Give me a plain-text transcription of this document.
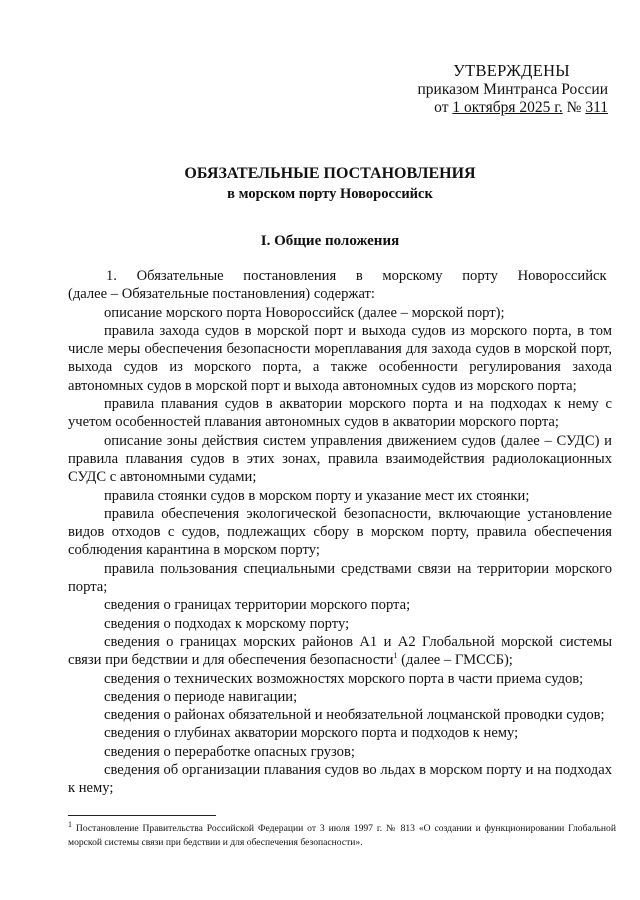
УТВЕРЖДЕНЫ
приказом Минтранса России
от 1 октября 2025 г. № 311
ОБЯЗАТЕЛЬНЫЕ ПОСТАНОВЛЕНИЯ
в морском порту Новороссийск
I. Общие положения

1. Обязательные постановления в морскому порту Новороссийск

(далее – Обязательные постановления) содержат:

описание морского порта Новороссийск (далее – морской порт);

правила захода судов в морской порт и выхода судов из морского порта, в том числе меры обеспечения безопасности мореплавания для захода судов в морской порт, выхода судов из морского порта, а также особенности регулирования захода автономных судов в морской порт и выхода автономных судов из морского порта;

правила плавания судов в акватории морского порта и на подходах к нему с учетом особенностей плавания автономных судов в акватории морского порта;

описание зоны действия систем управления движением судов (далее – СУДС) и правила плавания судов в этих зонах, правила взаимодействия радиолокационных СУДС с автономными судами;

правила стоянки судов в морском порту и указание мест их стоянки;

правила обеспечения экологической безопасности, включающие установление видов отходов с судов, подлежащих сбору в морском порту, правила обеспечения соблюдения карантина в морском порту;

правила пользования специальными средствами связи на территории морского порта;

сведения о границах территории морского порта;

сведения о подходах к морскому порту;

сведения о границах морских районов А1 и А2 Глобальной морской системы связи при бедствии и для обеспечения безопасности$^1$ (далее – ГМССБ);

сведения о технических возможностях морского порта в части приема судов;

сведения о периоде навигации;

сведения о районах обязательной и необязательной лоцманской проводки судов;

сведения о глубинах акватории морского порта и подходов к нему;

сведения о переработке опасных грузов;

сведения об организации плавания судов во льдах в морском порту и на подходах к нему;

$^1$ Постановление Правительства Российской Федерации от 3 июля 1997 г. № 813 «О создании и функционировании Глобальной морской системы связи при бедствии и для обеспечения безопасности».
